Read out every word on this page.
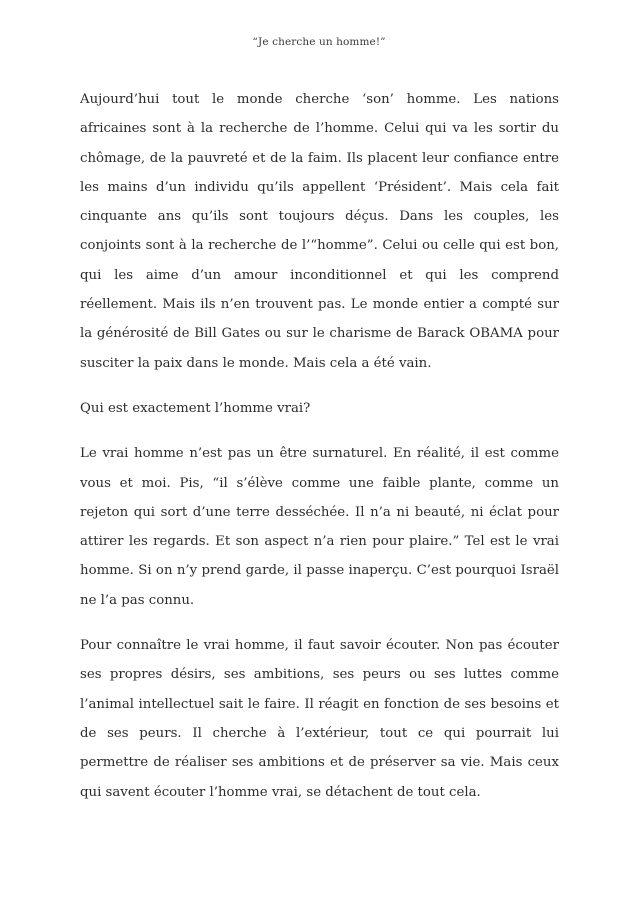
“Je cherche un homme!”

Aujourd’hui tout le monde cherche ‘son’ homme. Les nations africaines sont à la recherche de l’homme. Celui qui va les sortir du chômage, de la pauvreté et de la faim. Ils placent leur confiance entre les mains d’un individu qu’ils appellent ‘Président’. Mais cela fait cinquante ans qu’ils sont toujours déçus. Dans les couples, les conjoints sont à la recherche de l’“homme”. Celui ou celle qui est bon, qui les aime d’un amour inconditionnel et qui les comprend réellement. Mais ils n’en trouvent pas. Le monde entier a compté sur la générosité de Bill Gates ou sur le charisme de Barack OBAMA pour susciter la paix dans le monde. Mais cela a été vain.

Qui est exactement l’homme vrai?

Le vrai homme n’est pas un être surnaturel. En réalité, il est comme vous et moi. Pis, “il s’élève comme une faible plante, comme un rejeton qui sort d’une terre desséchée. Il n’a ni beauté, ni éclat pour attirer les regards. Et son aspect n’a rien pour plaire.” Tel est le vrai homme. Si on n’y prend garde, il passe inaperçu. C’est pourquoi Israël ne l’a pas connu.

Pour connaître le vrai homme, il faut savoir écouter. Non pas écouter ses propres désirs, ses ambitions, ses peurs ou ses luttes comme l’animal intellectuel sait le faire. Il réagit en fonction de ses besoins et de ses peurs. Il cherche à l’extérieur, tout ce qui pourrait lui permettre de réaliser ses ambitions et de préserver sa vie. Mais ceux qui savent écouter l’homme vrai, se détachent de tout cela.
